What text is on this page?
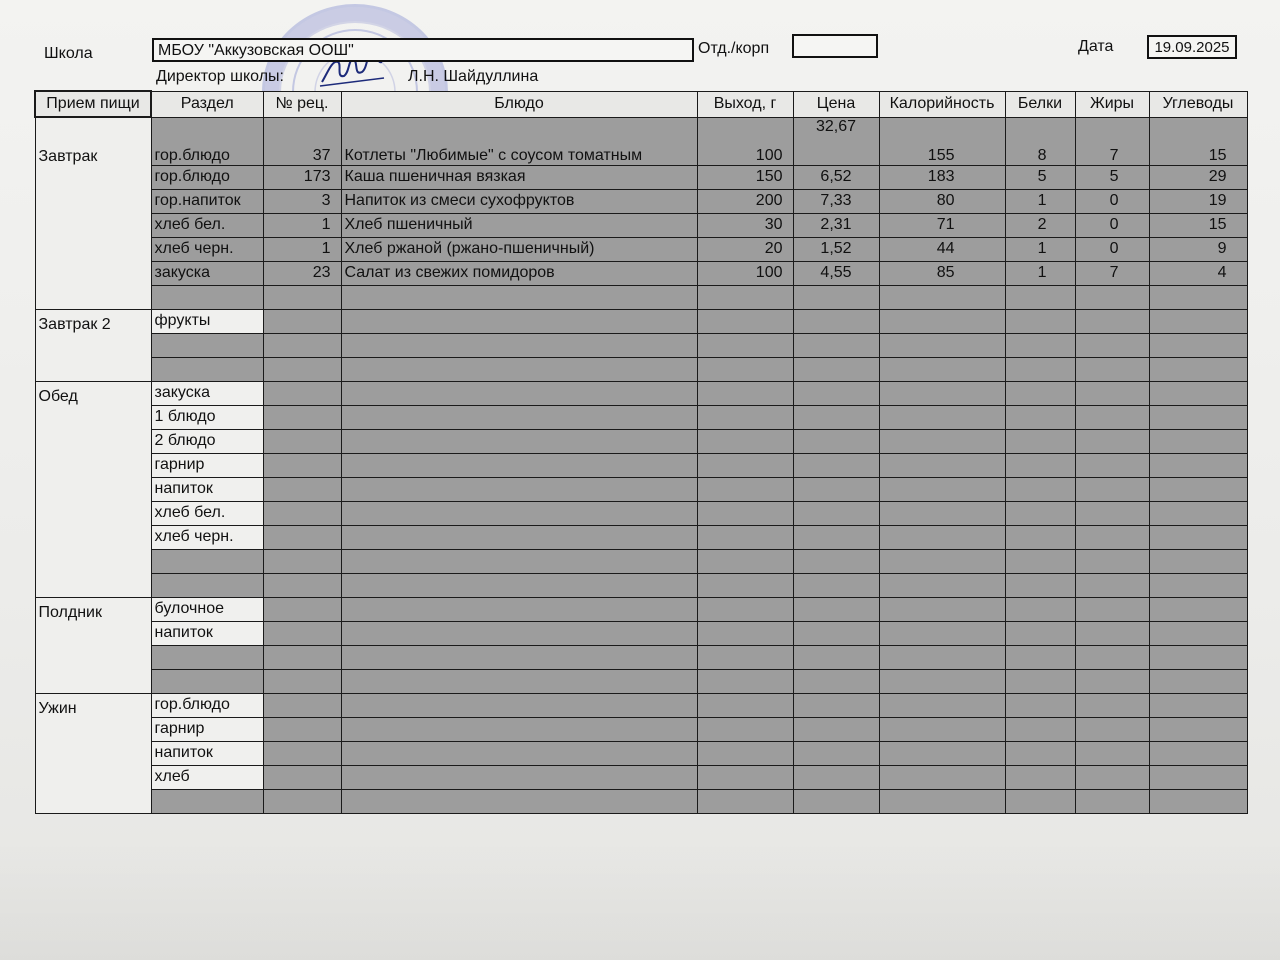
Школа	МБОУ "Аккузовская ООШ"	Отд./корп	Дата	19.09.2025
Директор школы:	Л.Н. Шайдуллина
Прием пищи	Раздел	№ рец.	Блюдо	Выход, г	Цена	Калорийность	Белки	Жиры	Углеводы
Завтрак	гор.блюдо	37	Котлеты "Любимые" с соусом томатным	100	32,67	155	8	7	15
	гор.блюдо	173	Каша пшеничная вязкая	150	6,52	183	5	5	29
	гор.напиток	3	Напиток из смеси сухофруктов	200	7,33	80	1	0	19
	хлеб бел.	1	Хлеб пшеничный	30	2,31	71	2	0	15
	хлеб черн.	1	Хлеб ржаной (ржано-пшеничный)	20	1,52	44	1	0	9
	закуска	23	Салат из свежих помидоров	100	4,55	85	1	7	4

Завтрак 2	фрукты								

Обед	закуска								
	1 блюдо								
	2 блюдо								
	гарнир								
	напиток								
	хлеб бел.								
	хлеб черн.								

Полдник	булочное								
	напиток								

Ужин	гор.блюдо								
	гарнир								
	напиток								
	хлеб								
